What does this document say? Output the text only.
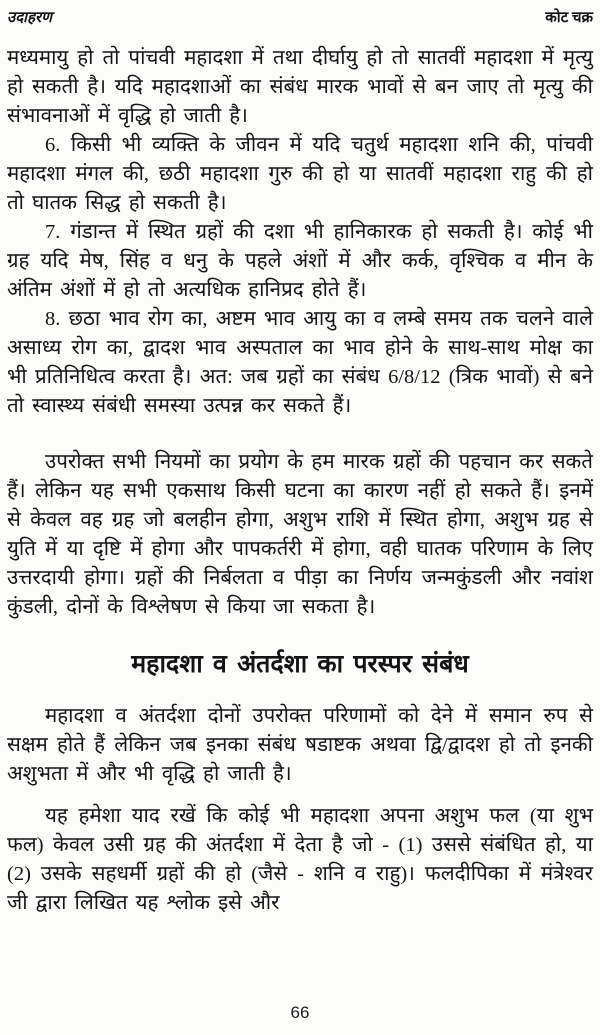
उदाहरण	कोट चक्र

मध्यमायु हो तो पांचवी महादशा में तथा दीर्घायु हो तो सातवीं महादशा में मृत्यु हो सकती है। यदि महादशाओं का संबंध मारक भावों से बन जाए तो मृत्यु की संभावनाओं में वृद्धि हो जाती है।

6. किसी भी व्यक्ति के जीवन में यदि चतुर्थ महादशा शनि की, पांचवी महादशा मंगल की, छठी महादशा गुरु की हो या सातवीं महादशा राहु की हो तो घातक सिद्ध हो सकती है।

7. गंडान्त में स्थित ग्रहों की दशा भी हानिकारक हो सकती है। कोई भी ग्रह यदि मेष, सिंह व धनु के पहले अंशों में और कर्क, वृश्चिक व मीन के अंतिम अंशों में हो तो अत्यधिक हानिप्रद होते हैं।

8. छठा भाव रोग का, अष्टम भाव आयु का व लम्बे समय तक चलने वाले असाध्य रोग का, द्वादश भाव अस्पताल का भाव होने के साथ-साथ मोक्ष का भी प्रतिनिधित्व करता है। अत: जब ग्रहों का संबंध 6/8/12 (त्रिक भावों) से बने तो स्वास्थ्य संबंधी समस्या उत्पन्न कर सकते हैं।

उपरोक्त सभी नियमों का प्रयोग के हम मारक ग्रहों की पहचान कर सकते हैं। लेकिन यह सभी एकसाथ किसी घटना का कारण नहीं हो सकते हैं। इनमें से केवल वह ग्रह जो बलहीन होगा, अशुभ राशि में स्थित होगा, अशुभ ग्रह से युति में या दृष्टि में होगा और पापकर्तरी में होगा, वही घातक परिणाम के लिए उत्तरदायी होगा। ग्रहों की निर्बलता व पीड़ा का निर्णय जन्मकुंडली और नवांश कुंडली, दोनों के विश्लेषण से किया जा सकता है।

महादशा व अंतर्दशा का परस्पर संबंध

महादशा व अंतर्दशा दोनों उपरोक्त परिणामों को देने में समान रुप से सक्षम होते हैं लेकिन जब इनका संबंध षडाष्टक अथवा द्वि/द्वादश हो तो इनकी अशुभता में और भी वृद्धि हो जाती है।

यह हमेशा याद रखें कि कोई भी महादशा अपना अशुभ फल (या शुभ फल) केवल उसी ग्रह की अंतर्दशा में देता है जो - (1) उससे संबंधित हो, या (2) उसके सहधर्मी ग्रहों की हो (जैसे - शनि व राहु)। फलदीपिका में मंत्रेश्वर जी द्वारा लिखित यह श्लोक इसे और

66
